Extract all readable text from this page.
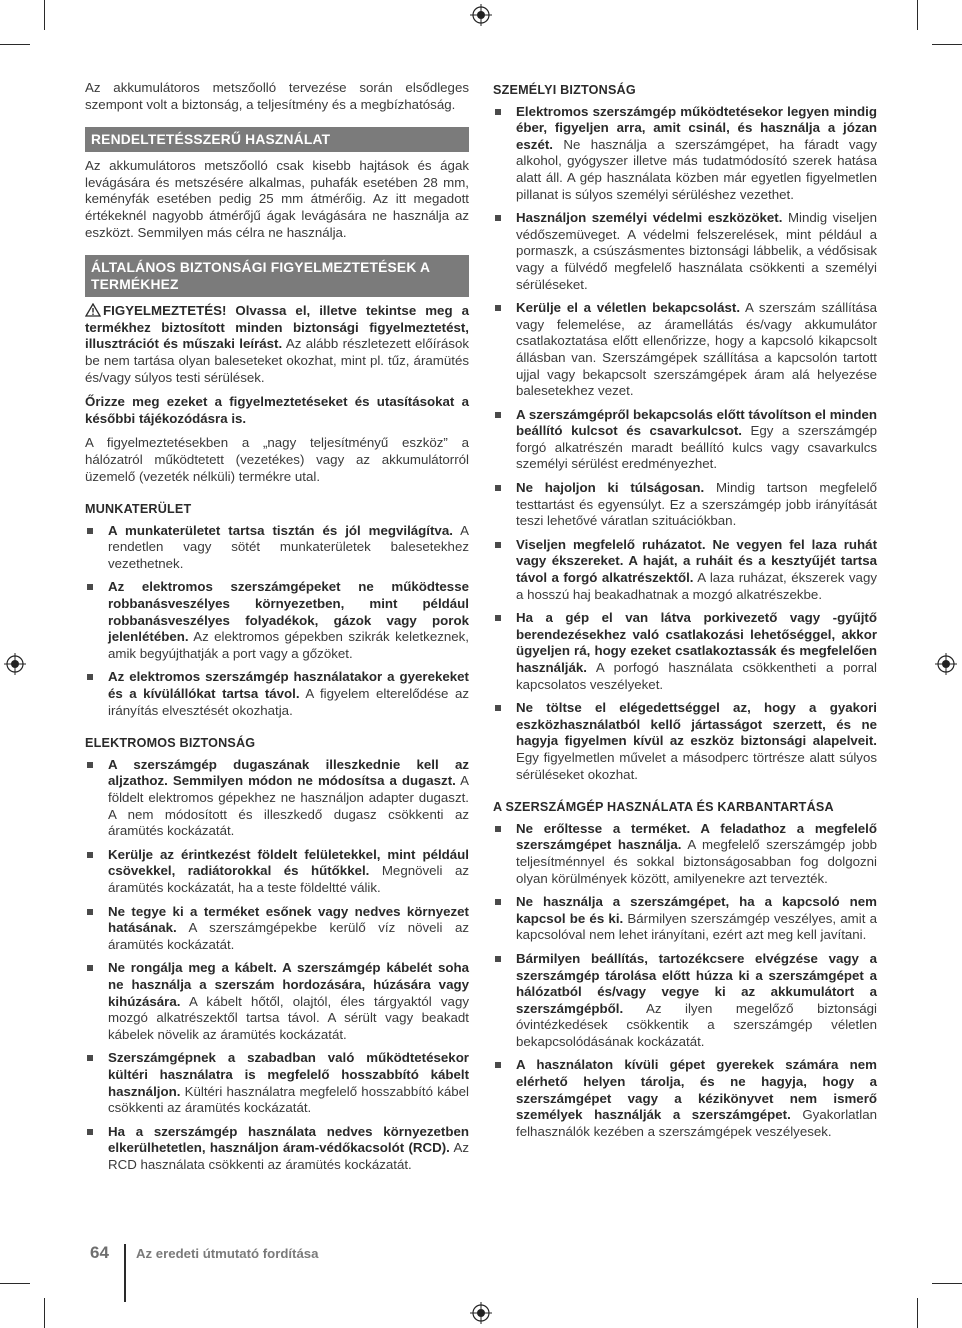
Az akkumulátoros metszőolló tervezése során elsődleges szempont volt a biztonság, a teljesítmény és a megbízhatóság.

RENDELTETÉSSZERŰ HASZNÁLAT

Az akkumulátoros metszőolló csak kisebb hajtások és ágak levágására és metszésére alkalmas, puhafák esetében 28 mm, keményfák esetében pedig 25 mm átmérőig. Az itt megadott értékeknél nagyobb átmérőjű ágak levágására ne használja az eszközt. Semmilyen más célra ne használja.

ÁLTALÁNOS BIZTONSÁGI FIGYELMEZTETÉSEK A TERMÉKHEZ

FIGYELMEZTETÉS! Olvassa el, illetve tekintse meg a termékhez biztosított minden biztonsági figyelmeztetést, illusztrációt és műszaki leírást. Az alább részletezett előírások be nem tartása olyan baleseteket okozhat, mint pl. tűz, áramütés és/vagy súlyos testi sérülések.

Őrizze meg ezeket a figyelmeztetéseket és utasításokat a későbbi tájékozódásra is.

A figyelmeztetésekben a „nagy teljesítményű eszköz” a hálózatról működtetett (vezetékes) vagy az akkumulátorról üzemelő (vezeték nélküli) termékre utal.

MUNKATERÜLET
A munkaterületet tartsa tisztán és jól megvilágítva. A rendetlen vagy sötét munkaterületek balesetekhez vezethetnek.
Az elektromos szerszámgépeket ne működtesse robbanásveszélyes környezetben, mint például robbanásveszélyes folyadékok, gázok vagy porok jelenlétében. Az elektromos gépekben szikrák keletkeznek, amik begyújthatják a port vagy a gőzöket.
Az elektromos szerszámgép használatakor a gyerekeket és a kívülállókat tartsa távol. A figyelem elterelődése az irányítás elvesztését okozhatja.
ELEKTROMOS BIZTONSÁG
A szerszámgép dugaszának illeszkednie kell az aljzathoz. Semmilyen módon ne módosítsa a dugaszt. A földelt elektromos gépekhez ne használjon adapter dugaszt. A nem módosított és illeszkedő dugasz csökkenti az áramütés kockázatát.
Kerülje az érintkezést földelt felületekkel, mint például csövekkel, radiátorokkal és hűtőkkel. Megnöveli az áramütés kockázatát, ha a teste földeltté válik.
Ne tegye ki a terméket esőnek vagy nedves környezet hatásának. A szerszámgépekbe kerülő víz növeli az áramütés kockázatát.
Ne rongálja meg a kábelt. A szerszámgép kábelét soha ne használja a szerszám hordozására, húzására vagy kihúzására. A kábelt hőtől, olajtól, éles tárgyaktól vagy mozgó alkatrészektől tartsa távol. A sérült vagy beakadt kábelek növelik az áramütés kockázatát.
Szerszámgépnek a szabadban való működtetésekor kültéri használatra is megfelelő hosszabbító kábelt használjon. Kültéri használatra megfelelő hosszabbító kábel csökkenti az áramütés kockázatát.
Ha a szerszámgép használata nedves környezetben elkerülhetetlen, használjon áram-védőkacsolót (RCD). Az RCD használata csökkenti az áramütés kockázatát.
SZEMÉLYI BIZTONSÁG
Elektromos szerszámgép működtetésekor legyen mindig éber, figyeljen arra, amit csinál, és használja a józan eszét. Ne használja a szerszámgépet, ha fáradt vagy alkohol, gyógyszer illetve más tudatmódosító szerek hatása alatt áll. A gép használata közben már egyetlen figyelmetlen pillanat is súlyos személyi sérüléshez vezethet.
Használjon személyi védelmi eszközöket. Mindig viseljen védőszemüveget. A védelmi felszerelések, mint például a pormaszk, a csúszásmentes biztonsági lábbelik, a védősisak vagy a fülvédő megfelelő használata csökkenti a személyi sérüléseket.
Kerülje el a véletlen bekapcsolást. A szerszám szállítása vagy felemelése, az áramellátás és/vagy akkumulátor csatlakoztatása előtt ellenőrizze, hogy a kapcsoló kikapcsolt állásban van. Szerszámgépek szállítása a kapcsolón tartott ujjal vagy bekapcsolt szerszámgépek áram alá helyezése balesetekhez vezet.
A szerszámgépről bekapcsolás előtt távolítson el minden beállító kulcsot és csavarkulcsot. Egy a szerszámgép forgó alkatrészén maradt beállító kulcs vagy csavarkulcs személyi sérülést eredményezhet.
Ne hajoljon ki túlságosan. Mindig tartson megfelelő testtartást és egyensúlyt. Ez a szerszámgép jobb irányítását teszi lehetővé váratlan szituációkban.
Viseljen megfelelő ruházatot. Ne vegyen fel laza ruhát vagy ékszereket. A haját, a ruháit és a kesztyűjét tartsa távol a forgó alkatrészektől. A laza ruházat, ékszerek vagy a hosszú haj beakadhatnak a mozgó alkatrészekbe.
Ha a gép el van látva porkivezető vagy -gyűjtő berendezésekhez való csatlakozási lehetőséggel, akkor ügyeljen rá, hogy ezeket csatlakoztassák és megfelelően használják. A porfogó használata csökkentheti a porral kapcsolatos veszélyeket.
Ne töltse el elégedettséggel az, hogy a gyakori eszközhasználatból kellő jártasságot szerzett, és ne hagyja figyelmen kívül az eszköz biztonsági alapelveit. Egy figyelmetlen művelet a másodperc törtrésze alatt súlyos sérüléseket okozhat.
A SZERSZÁMGÉP HASZNÁLATA ÉS KARBANTARTÁSA
Ne erőltesse a terméket. A feladathoz a megfelelő szerszámgépet használja. A megfelelő szerszámgép jobb teljesítménnyel és sokkal biztonságosabban fog dolgozni olyan körülmények között, amilyenekre azt tervezték.
Ne használja a szerszámgépet, ha a kapcsoló nem kapcsol be és ki. Bármilyen szerszámgép veszélyes, amit a kapcsolóval nem lehet irányítani, ezért azt meg kell javítani.
Bármilyen beállítás, tartozékcsere elvégzése vagy a szerszámgép tárolása előtt húzza ki a szerszámgépet a hálózatból és/vagy vegye ki az akkumulátort a szerszámgépből. Az ilyen megelőző biztonsági óvintézkedések csökkentik a szerszámgép véletlen bekapcsolódásának kockázatát.
A használaton kívüli gépet gyerekek számára nem elérhető helyen tárolja, és ne hagyja, hogy a szerszámgépet vagy a kézikönyvet nem ismerő személyek használják a szerszámgépet. Gyakorlatlan felhasználók kezében a szerszámgépek veszélyesek.
64 Az eredeti útmutató fordítása
